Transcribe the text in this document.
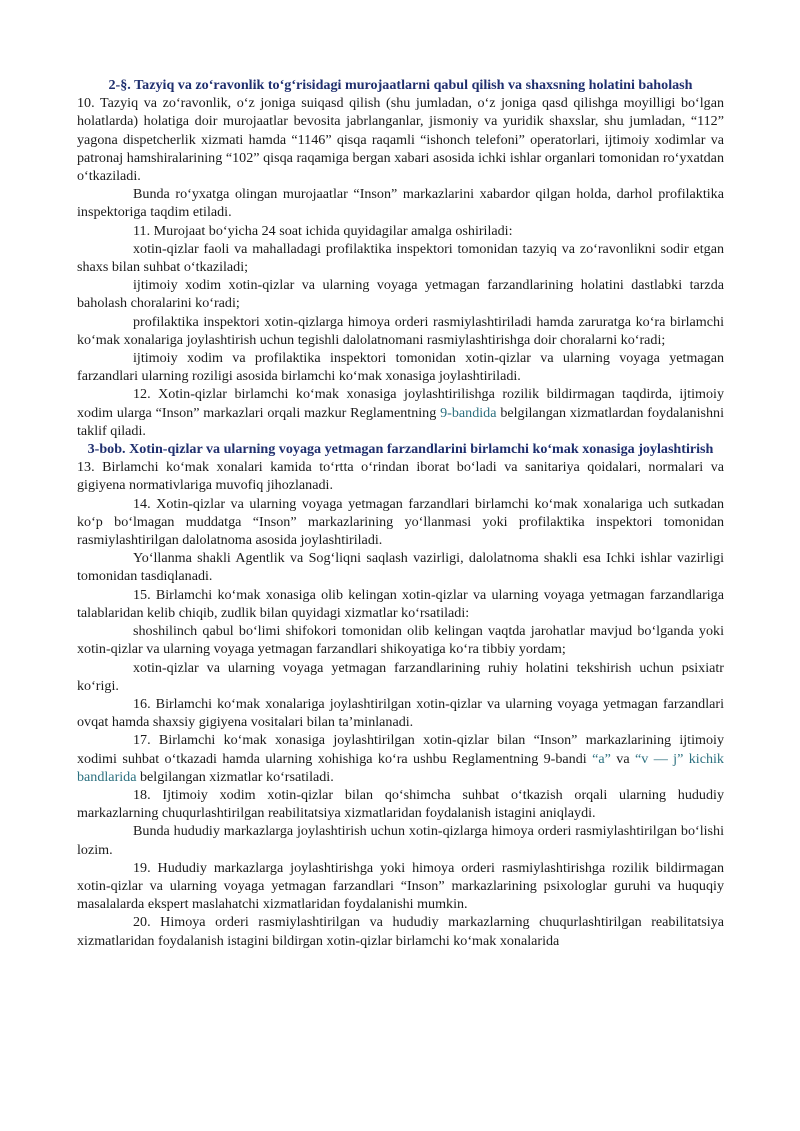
2-§. Tazyiq va zo‘ravonlik to‘g‘risidagi murojaatlarni qabul qilish va shaxsning holatini baholash

10. Tazyiq va zo‘ravonlik, o‘z joniga suiqasd qilish (shu jumladan, o‘z joniga qasd qilishga moyilligi bo‘lgan holatlarda) holatiga doir murojaatlar bevosita jabrlanganlar, jismoniy va yuridik shaxslar, shu jumladan, “112” yagona dispetcherlik xizmati hamda “1146” qisqa raqamli “ishonch telefoni” operatorlari, ijtimoiy xodimlar va patronaj hamshiralarining “102” qisqa raqamiga bergan xabari asosida ichki ishlar organlari tomonidan ro‘yxatdan o‘tkaziladi.

Bunda ro‘yxatga olingan murojaatlar “Inson” markazlarini xabardor qilgan holda, darhol profilaktika inspektoriga taqdim etiladi.

11. Murojaat bo‘yicha 24 soat ichida quyidagilar amalga oshiriladi:

xotin-qizlar faoli va mahalladagi profilaktika inspektori tomonidan tazyiq va zo‘ravonlikni sodir etgan shaxs bilan suhbat o‘tkaziladi;

ijtimoiy xodim xotin-qizlar va ularning voyaga yetmagan farzandlarining holatini dastlabki tarzda baholash choralarini ko‘radi;

profilaktika inspektori xotin-qizlarga himoya orderi rasmiylashtiriladi hamda zaruratga ko‘ra birlamchi ko‘mak xonalariga joylashtirish uchun tegishli dalolatnomani rasmiylashtirishga doir choralarni ko‘radi;

ijtimoiy xodim va profilaktika inspektori tomonidan xotin-qizlar va ularning voyaga yetmagan farzandlari ularning roziligi asosida birlamchi ko‘mak xonasiga joylashtiriladi.

12. Xotin-qizlar birlamchi ko‘mak xonasiga joylashtirilishga rozilik bildirmagan taqdirda, ijtimoiy xodim ularga “Inson” markazlari orqali mazkur Reglamentning 9-bandida belgilangan xizmatlardan foydalanishni taklif qiladi.

3-bob. Xotin-qizlar va ularning voyaga yetmagan farzandlarini birlamchi ko‘mak xonasiga joylashtirish

13. Birlamchi ko‘mak xonalari kamida to‘rtta o‘rindan iborat bo‘ladi va sanitariya qoidalari, normalari va gigiyena normativlariga muvofiq jihozlanadi.

14. Xotin-qizlar va ularning voyaga yetmagan farzandlari birlamchi ko‘mak xonalariga uch sutkadan ko‘p bo‘lmagan muddatga “Inson” markazlarining yo‘llanmasi yoki profilaktika inspektori tomonidan rasmiylashtirilgan dalolatnoma asosida joylashtiriladi.

Yo‘llanma shakli Agentlik va Sog‘liqni saqlash vazirligi, dalolatnoma shakli esa Ichki ishlar vazirligi tomonidan tasdiqlanadi.

15. Birlamchi ko‘mak xonasiga olib kelingan xotin-qizlar va ularning voyaga yetmagan farzandlariga talablaridan kelib chiqib, zudlik bilan quyidagi xizmatlar ko‘rsatiladi:

shoshilinch qabul bo‘limi shifokori tomonidan olib kelingan vaqtda jarohatlar mavjud bo‘lganda yoki xotin-qizlar va ularning voyaga yetmagan farzandlari shikoyatiga ko‘ra tibbiy yordam;

xotin-qizlar va ularning voyaga yetmagan farzandlarining ruhiy holatini tekshirish uchun psixiatr ko‘rigi.

16. Birlamchi ko‘mak xonalariga joylashtirilgan xotin-qizlar va ularning voyaga yetmagan farzandlari ovqat hamda shaxsiy gigiyena vositalari bilan ta’minlanadi.

17. Birlamchi ko‘mak xonasiga joylashtirilgan xotin-qizlar bilan “Inson” markazlarining ijtimoiy xodimi suhbat o‘tkazadi hamda ularning xohishiga ko‘ra ushbu Reglamentning 9-bandi “a” va “v — j” kichik bandlarida belgilangan xizmatlar ko‘rsatiladi.

18. Ijtimoiy xodim xotin-qizlar bilan qo‘shimcha suhbat o‘tkazish orqali ularning hududiy markazlarning chuqurlashtirilgan reabilitatsiya xizmatlaridan foydalanish istagini aniqlaydi.

Bunda hududiy markazlarga joylashtirish uchun xotin-qizlarga himoya orderi rasmiylashtirilgan bo‘lishi lozim.

19. Hududiy markazlarga joylashtirishga yoki himoya orderi rasmiylashtirishga rozilik bildirmagan xotin-qizlar va ularning voyaga yetmagan farzandlari “Inson” markazlarining psixologlar guruhi va huquqiy masalalarda ekspert maslahatchi xizmatlaridan foydalanishi mumkin.

20. Himoya orderi rasmiylashtirilgan va hududiy markazlarning chuqurlashtirilgan reabilitatsiya xizmatlaridan foydalanish istagini bildirgan xotin-qizlar birlamchi ko‘mak xonalarida
